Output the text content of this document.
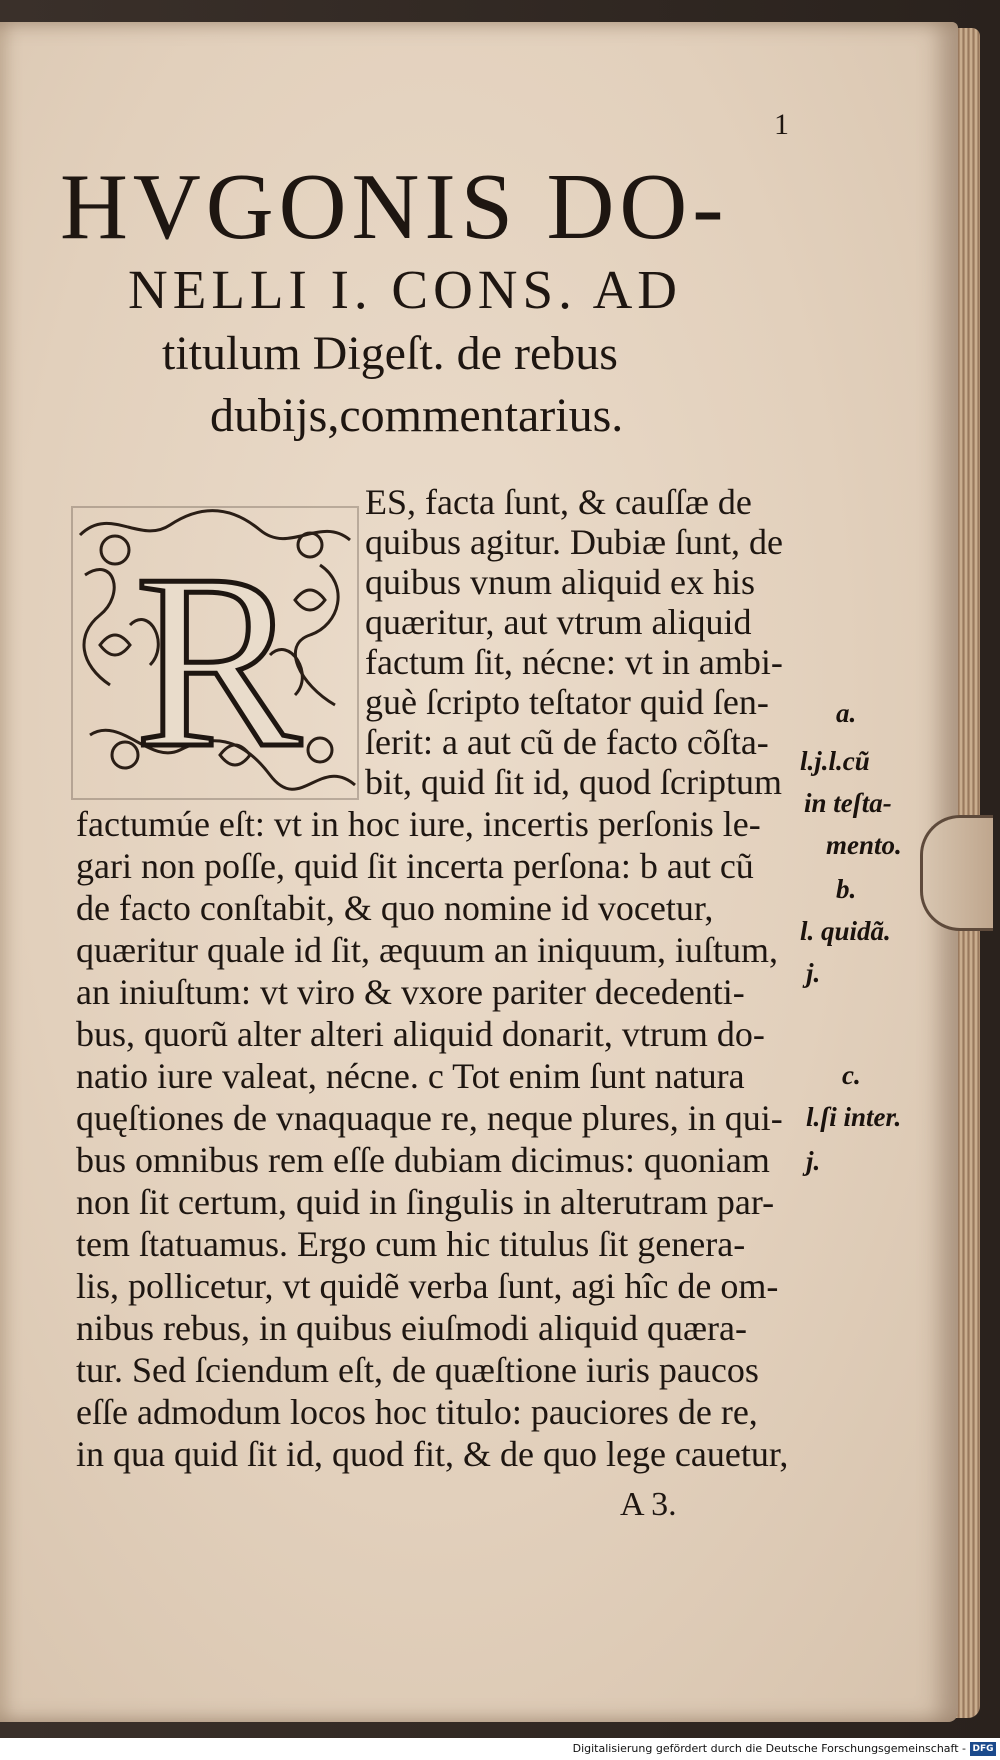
1
HVGONIS DO-
NELLI I. CONS. AD
titulum Digeſt. de rebus
dubijs,commentarius.
R
ES, facta ſunt, & cauſſæ de
quibus agitur. Dubiæ ſunt, de
quibus vnum aliquid ex his
quæritur, aut vtrum aliquid
factum ſit, nécne: vt in ambi-
guè ſcripto teſtator quid ſen-
ſerit: a aut cũ de facto cõſta-
bit, quid ſit id, quod ſcriptum
factumúe eſt: vt in hoc iure, incertis perſonis le-
gari non poſſe, quid ſit incerta perſona: b aut cũ
de facto conſtabit, & quo nomine id vocetur,
quæritur quale id ſit, æquum an iniquum, iuſtum,
an iniuſtum: vt viro & vxore pariter decedenti-
bus, quorũ alter alteri aliquid donarit, vtrum do-
natio iure valeat, nécne. c Tot enim ſunt natura
quęſtiones de vnaquaque re, neque plures, in qui-
bus omnibus rem eſſe dubiam dicimus: quoniam
non ſit certum, quid in ſingulis in alterutram par-
tem ſtatuamus. Ergo cum hic titulus ſit genera-
lis, pollicetur, vt quidẽ verba ſunt, agi hîc de om-
nibus rebus, in quibus eiuſmodi aliquid quæra-
tur. Sed ſciendum eſt, de quæſtione iuris paucos
eſſe admodum locos hoc titulo: pauciores de re,
in qua quid ſit id, quod fit, & de quo lege cauetur,
A 3.
a.
l.j.l.cũ
in teſta-
mento.
b.
l. quidã.
j.
c.
l.ſi inter.
j.
Digitalisierung gefördert durch die Deutsche Forschungsgemeinschaft - DFG
